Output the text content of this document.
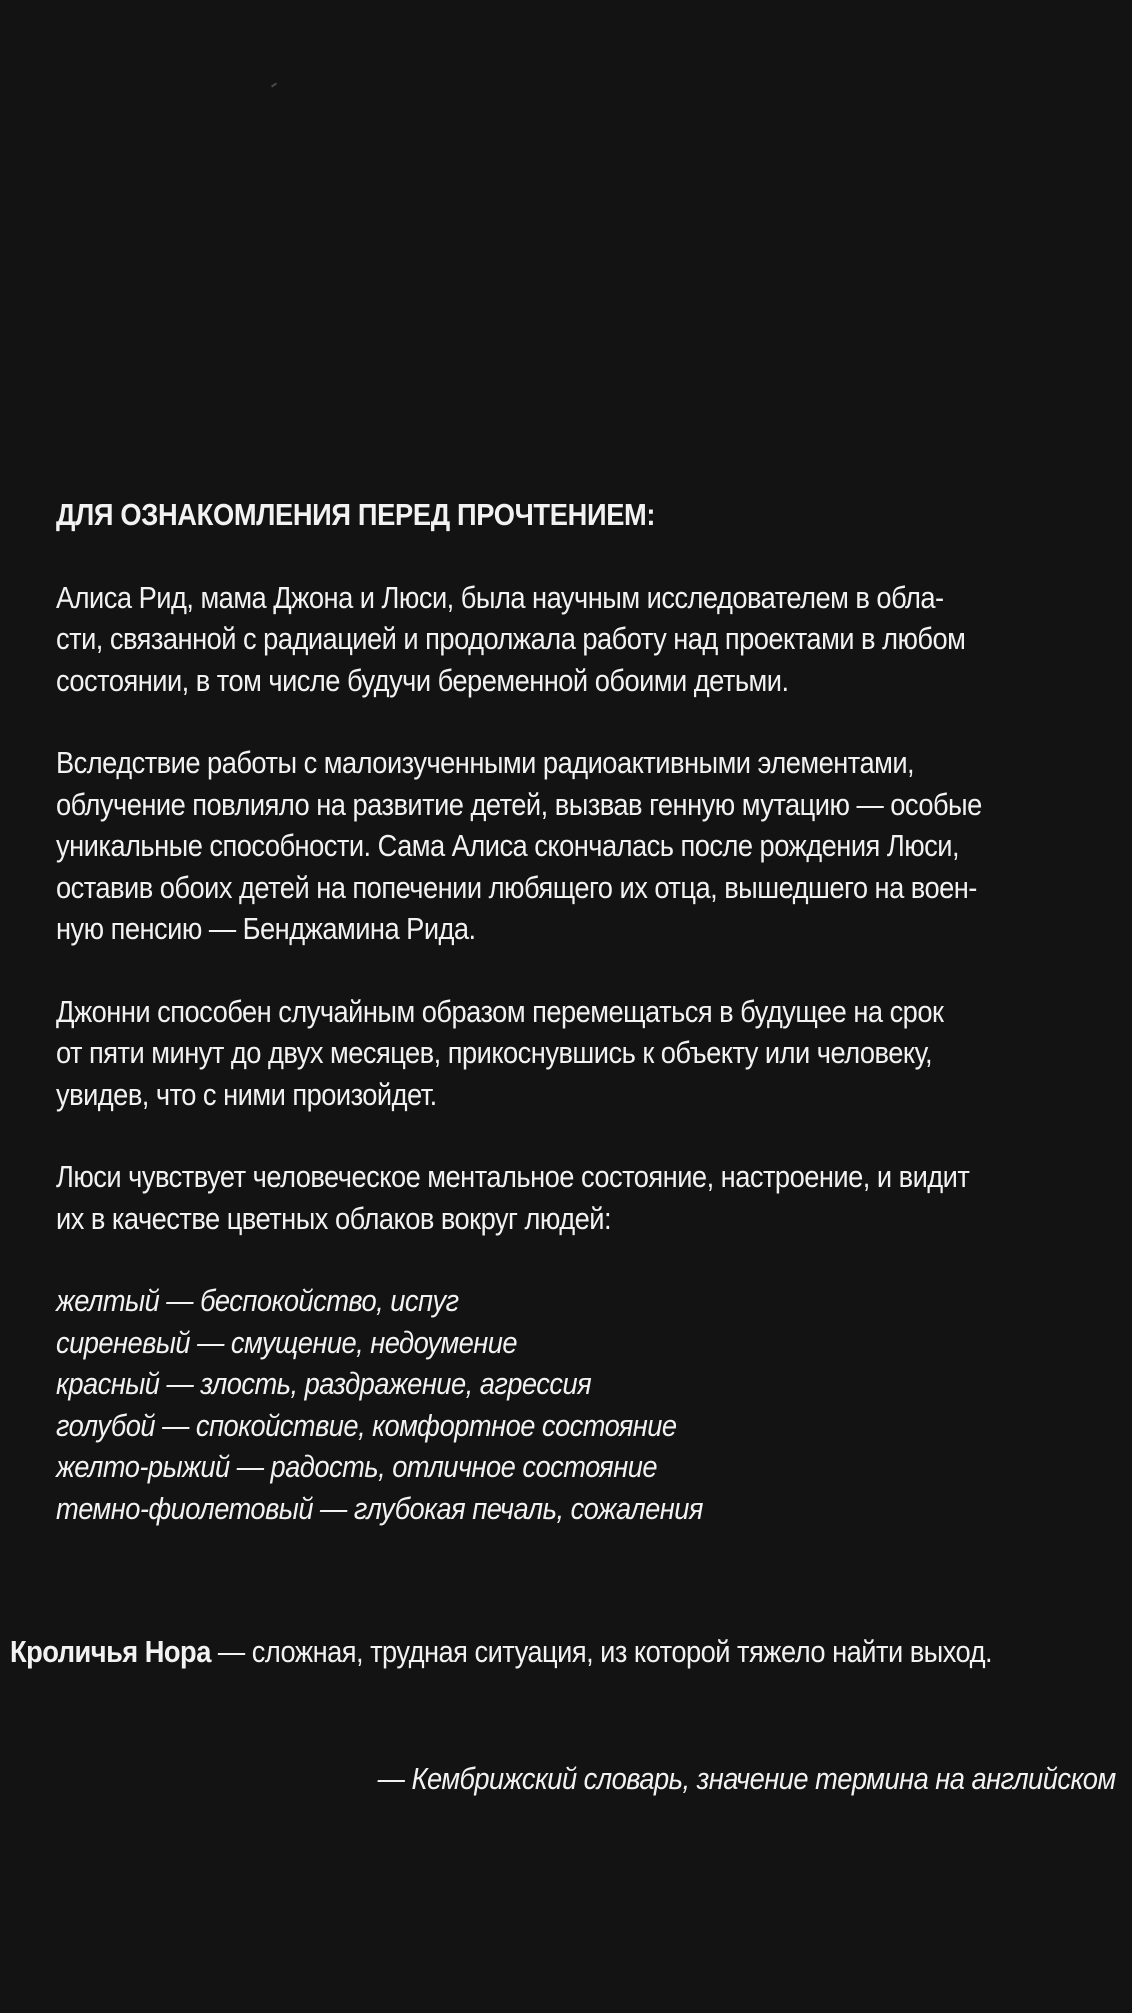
ДЛЯ ОЗНАКОМЛЕНИЯ ПЕРЕД ПРОЧТЕНИЕМ:
Алиса Рид, мама Джона и Люси, была научным исследователем в обла-
сти, связанной с радиацией и продолжала работу над проектами в любом
состоянии, в том числе будучи беременной обоими детьми.
Вследствие работы с малоизученными радиоактивными элементами,
облучение повлияло на развитие детей, вызвав генную мутацию — особые
уникальные способности. Сама Алиса скончалась после рождения Люси,
оставив обоих детей на попечении любящего их отца, вышедшего на воен-
ную пенсию — Бенджамина Рида.
Джонни способен случайным образом перемещаться в будущее на срок
от пяти минут до двух месяцев, прикоснувшись к объекту или человеку,
увидев, что с ними произойдет.
Люси чувствует человеческое ментальное состояние, настроение, и видит
их в качестве цветных облаков вокруг людей:
желтый — беспокойство, испуг
сиреневый — смущение, недоумение
красный — злость, раздражение, агрессия
голубой — спокойствие, комфортное состояние
желто-рыжий — радость, отличное состояние
темно-фиолетовый — глубокая печаль, сожаления
Кроличья Нора — сложная, трудная ситуация, из которой тяжело найти выход.
— Кембрижский словарь, значение термина на английском
